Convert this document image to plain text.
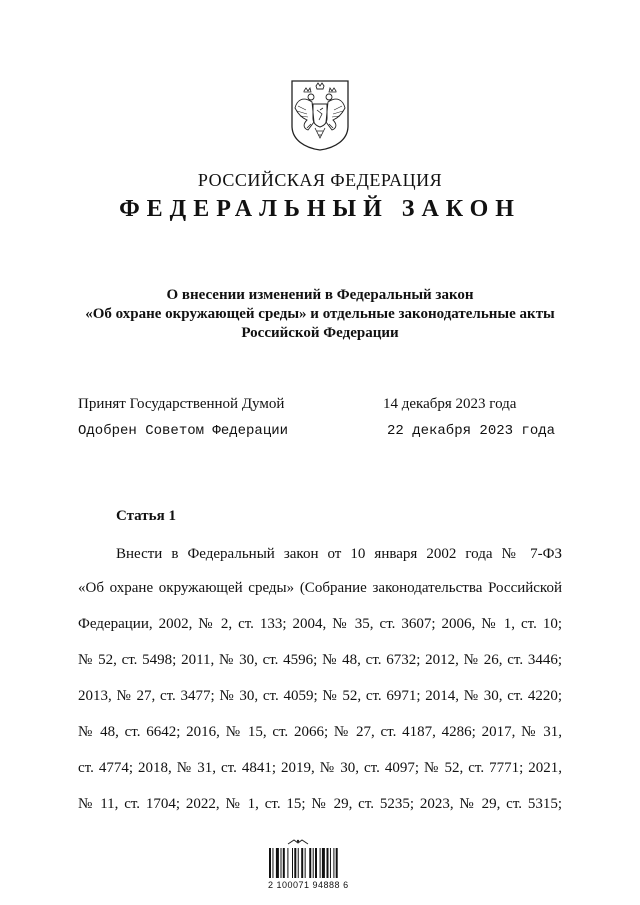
РОССИЙСКАЯ ФЕДЕРАЦИЯ
ФЕДЕРАЛЬНЫЙ ЗАКОН
О внесении изменений в Федеральный закон
«Об охране окружающей среды» и отдельные законодательные акты
Российской Федерации
Принят Государственной Думой	14 декабря 2023 года
Одобрен Советом Федерации	22 декабря 2023 года
Статья 1
Внести в Федеральный закон от 10 января 2002 года № 7-ФЗ
«Об охране окружающей среды» (Собрание законодательства Российской
Федерации, 2002, № 2, ст. 133; 2004, № 35, ст. 3607; 2006, № 1, ст. 10;
№ 52, ст. 5498; 2011, № 30, ст. 4596; № 48, ст. 6732; 2012, № 26, ст. 3446;
2013, № 27, ст. 3477; № 30, ст. 4059; № 52, ст. 6971; 2014, № 30, ст. 4220;
№ 48, ст. 6642; 2016, № 15, ст. 2066; № 27, ст. 4187, 4286; 2017, № 31,
ст. 4774; 2018, № 31, ст. 4841; 2019, № 30, ст. 4097; № 52, ст. 7771; 2021,
№ 11, ст. 1704; 2022, № 1, ст. 15; № 29, ст. 5235; 2023, № 29, ст. 5315;
2 100071 94888 6
